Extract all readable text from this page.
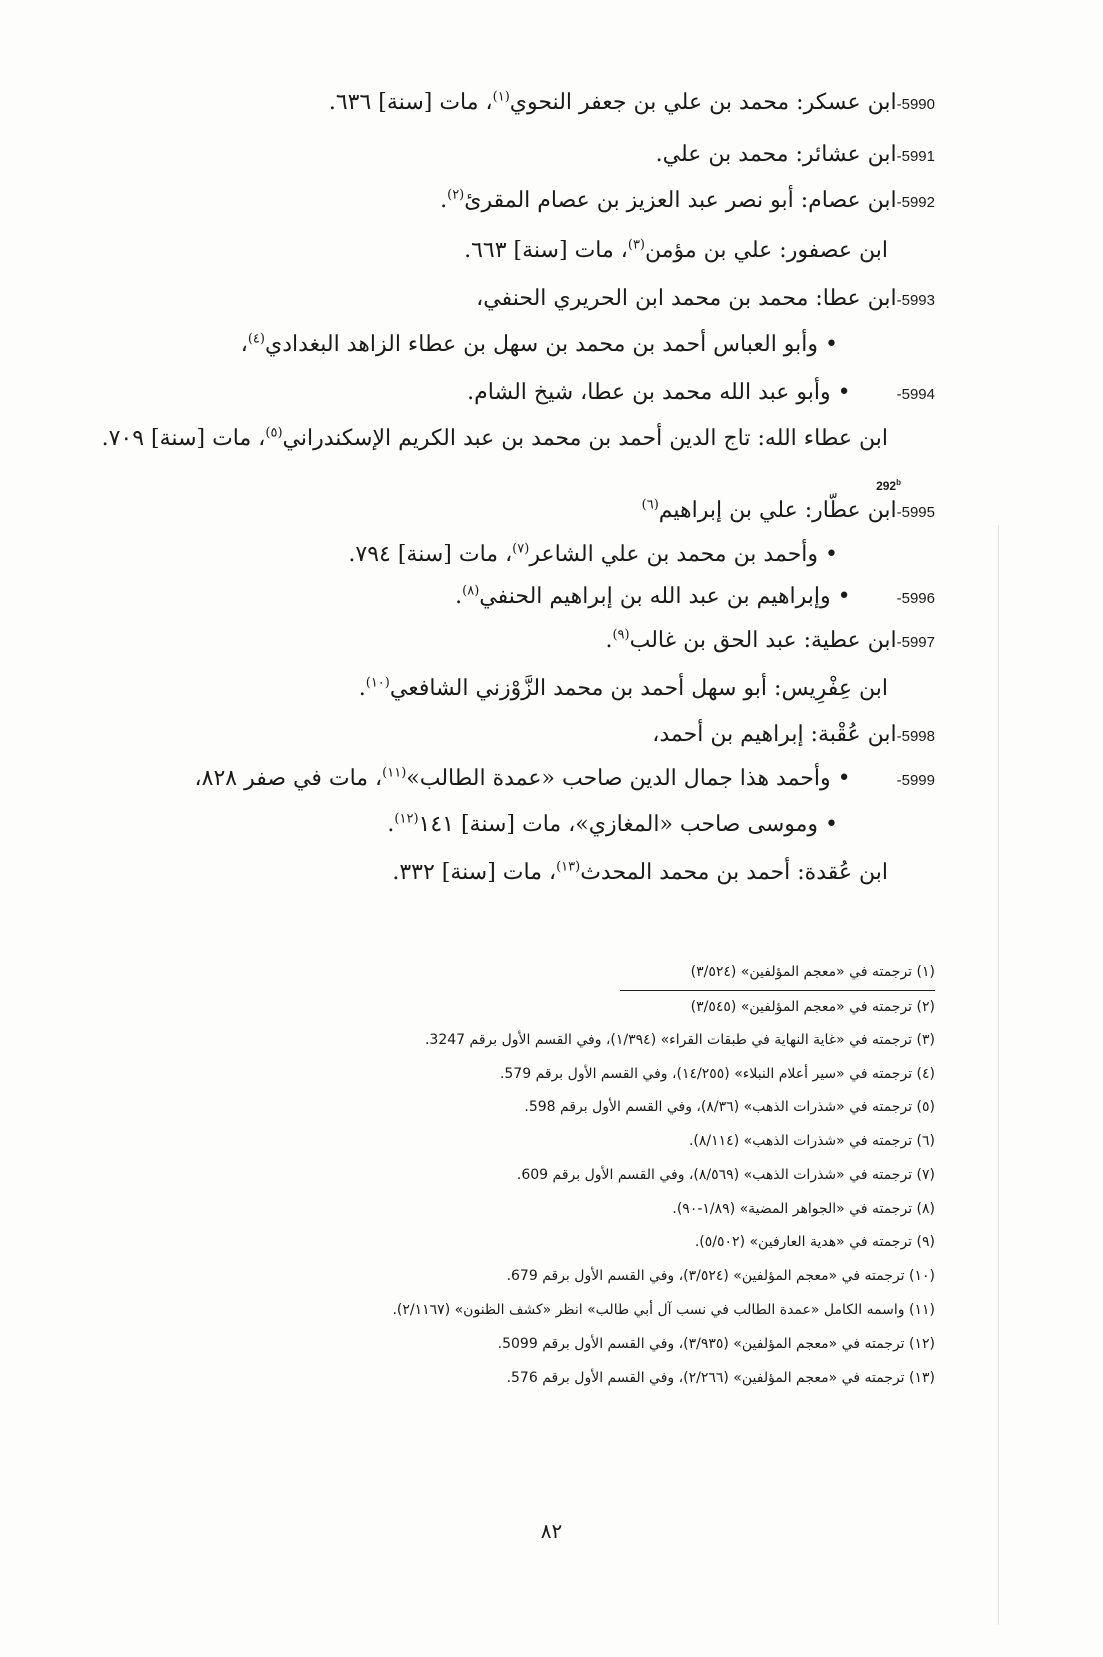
5990-ابن عسكر: محمد بن علي بن جعفر النحوي$^{(١)}$، مات [سنة] ٦٣٦.
5991-ابن عشائر: محمد بن علي.
5992-ابن عصام: أبو نصر عبد العزيز بن عصام المقرئ$^{(٢)}$.
ابن عصفور: علي بن مؤمن$^{(٣)}$، مات [سنة] ٦٦٣.
5993-ابن عطا: محمد بن محمد ابن الحريري الحنفي،
• وأبو العباس أحمد بن محمد بن سهل بن عطاء الزاهد البغدادي$^{(٤)}$،
5994-• وأبو عبد الله محمد بن عطا، شيخ الشام.
ابن عطاء الله: تاج الدين أحمد بن محمد بن عبد الكريم الإسكندراني$^{(٥)}$، مات [سنة] ٧٠٩.
5995-ابن عطّار: علي بن إبراهيم$^{(٦)}$
• وأحمد بن محمد بن علي الشاعر$^{(٧)}$، مات [سنة] ٧٩٤.
5996-• وإبراهيم بن عبد الله بن إبراهيم الحنفي$^{(٨)}$.
5997-ابن عطية: عبد الحق بن غالب$^{(٩)}$.
ابن عِفْرِيس: أبو سهل أحمد بن محمد الزَّوْزني الشافعي$^{(١٠)}$.
5998-ابن عُقْبة: إبراهيم بن أحمد،
5999-• وأحمد هذا جمال الدين صاحب «عمدة الطالب»$^{(١١)}$، مات في صفر ٨٢٨،
• وموسى صاحب «المغازي»، مات [سنة] ١٤١$^{(١٢)}$.
ابن عُقدة: أحمد بن محمد المحدث$^{(١٣)}$، مات [سنة] ٣٣٢.
292$^b$
(١) ترجمته في «معجم المؤلفين» (٣/٥٢٤)
(٢) ترجمته في «معجم المؤلفين» (٣/٥٤٥)
(٣) ترجمته في «غاية النهاية في طبقات القراء» (١/٣٩٤)، وفي القسم الأول برقم 3247.
(٤) ترجمته في «سير أعلام النبلاء» (١٤/٢٥٥)، وفي القسم الأول برقم 579.
(٥) ترجمته في «شذرات الذهب» (٨/٣٦)، وفي القسم الأول برقم 598.
(٦) ترجمته في «شذرات الذهب» (٨/١١٤).
(٧) ترجمته في «شذرات الذهب» (٨/٥٦٩)، وفي القسم الأول برقم 609.
(٨) ترجمته في «الجواهر المضية» (١/٨٩-٩٠).
(٩) ترجمته في «هدية العارفين» (٥/٥٠٢).
(١٠) ترجمته في «معجم المؤلفين» (٣/٥٢٤)، وفي القسم الأول برقم 679.
(١١) واسمه الكامل «عمدة الطالب في نسب آل أبي طالب» انظر «كشف الظنون» (٢/١١٦٧).
(١٢) ترجمته في «معجم المؤلفين» (٣/٩٣٥)، وفي القسم الأول برقم 5099.
(١٣) ترجمته في «معجم المؤلفين» (٢/٢٦٦)، وفي القسم الأول برقم 576.
٨٢
